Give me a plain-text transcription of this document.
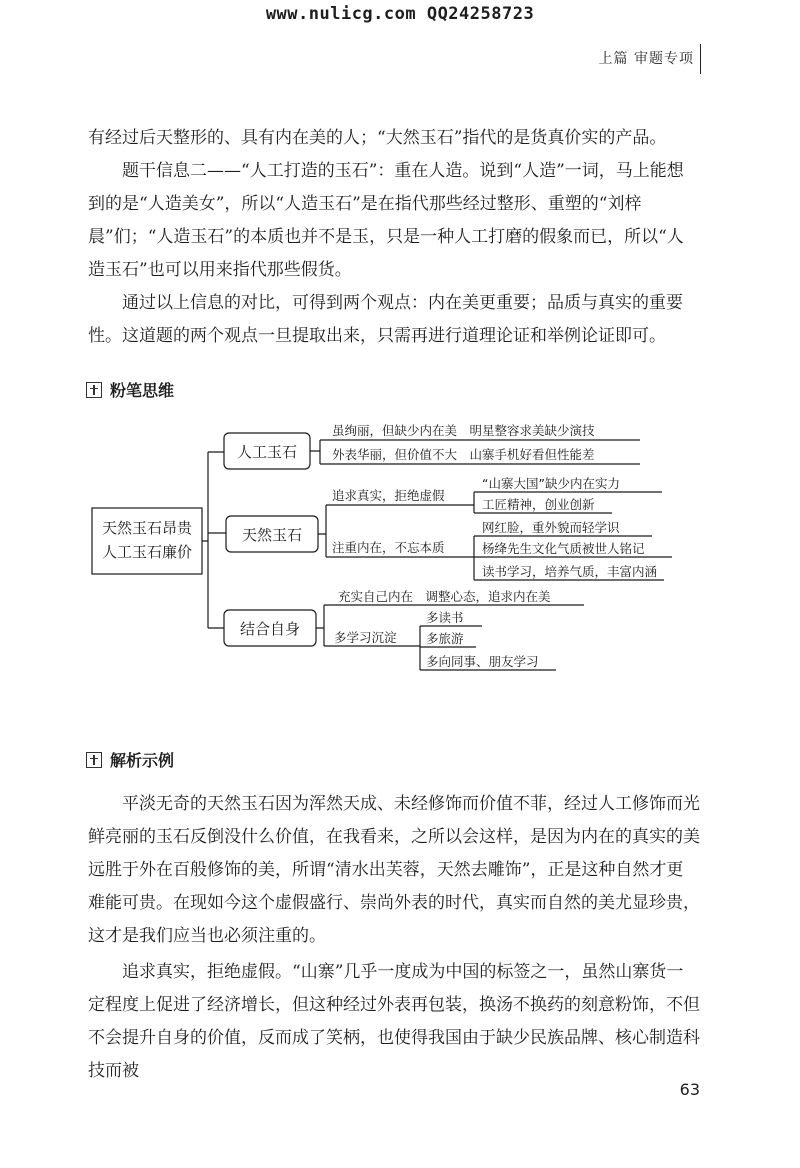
www.nulicg.com QQ24258723
上篇 审题专项

有经过后天整形的、具有内在美的人；“大然玉石”指代的是货真价实的产品。

　　题干信息二——“人工打造的玉石”：重在人造。说到“人造”一词，马上能想到的是“人造美女”，所以“人造玉石”是在指代那些经过整形、重塑的“刘梓晨”们；“人造玉石”的本质也并不是玉，只是一种人工打磨的假象而已，所以“人造玉石”也可以用来指代那些假货。

　　通过以上信息的对比，可得到两个观点：内在美更重要；品质与真实的重要性。这道题的两个观点一旦提取出来，只需再进行道理论证和举例论证即可。

粉笔思维
天然玉石昂贵
人工玉石廉价
人工玉石
虽绚丽，但缺少内在美　明星整容求美缺少演技
外表华丽，但价值不大　山寨手机好看但性能差
天然玉石
追求真实，拒绝虚假
注重内在，不忘本质
“山寨大国”缺少内在实力
工匠精神，创业创新
网红脸，重外貌而轻学识
杨绛先生文化气质被世人铭记
读书学习，培养气质，丰富内涵
结合自身
充实自己内在　调整心态，追求内在美
多学习沉淀
多读书
多旅游
多向同事、朋友学习
解析示例

　　平淡无奇的天然玉石因为浑然天成、未经修饰而价值不菲，经过人工修饰而光鲜亮丽的玉石反倒没什么价值，在我看来，之所以会这样，是因为内在的真实的美远胜于外在百般修饰的美，所谓“清水出芙蓉，天然去雕饰”，正是这种自然才更难能可贵。在现如今这个虚假盛行、崇尚外表的时代，真实而自然的美尤显珍贵，这才是我们应当也必须注重的。

　　追求真实，拒绝虚假。“山寨”几乎一度成为中国的标签之一，虽然山寨货一定程度上促进了经济增长，但这种经过外表再包装，换汤不换药的刻意粉饰，不但不会提升自身的价值，反而成了笑柄，也使得我国由于缺少民族品牌、核心制造科技而被

63
